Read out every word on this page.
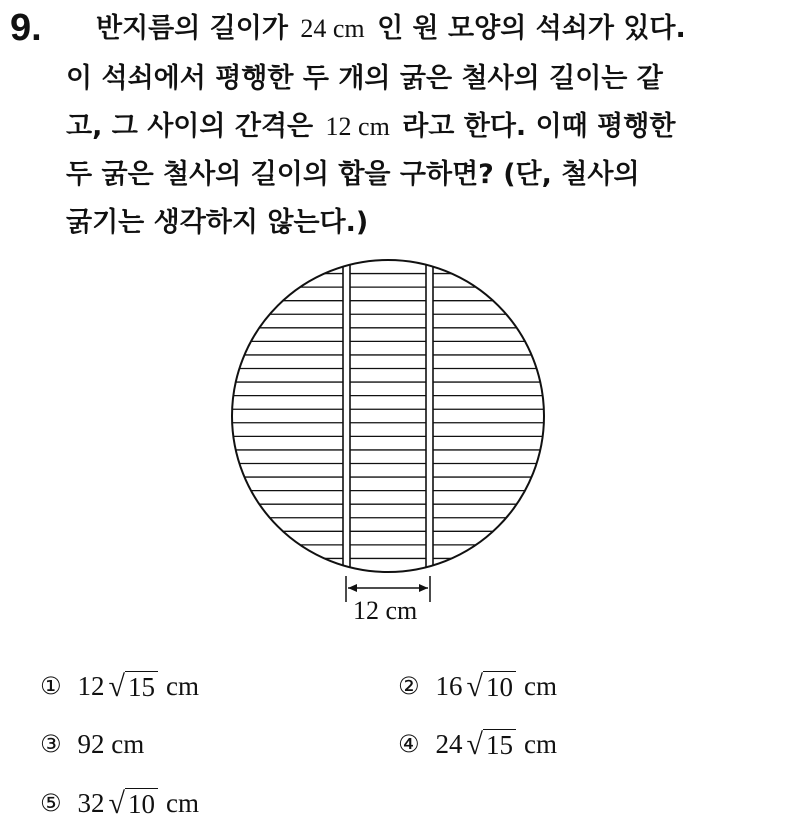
9. 반지름의 길이가 24 cm 인 원 모양의 석쇠가 있다.
이 석쇠에서 평행한 두 개의 굵은 철사의 길이는 같
고, 그 사이의 간격은 12 cm 라고 한다. 이때 평행한
두 굵은 철사의 길이의 합을 구하면? (단, 철사의
굵기는 생각하지 않는다.)
12 cm
① 12 √ 15 cm	② 16 √ 10 cm
③ 92 cm	④ 24 √ 15 cm
⑤ 32 √ 10 cm
